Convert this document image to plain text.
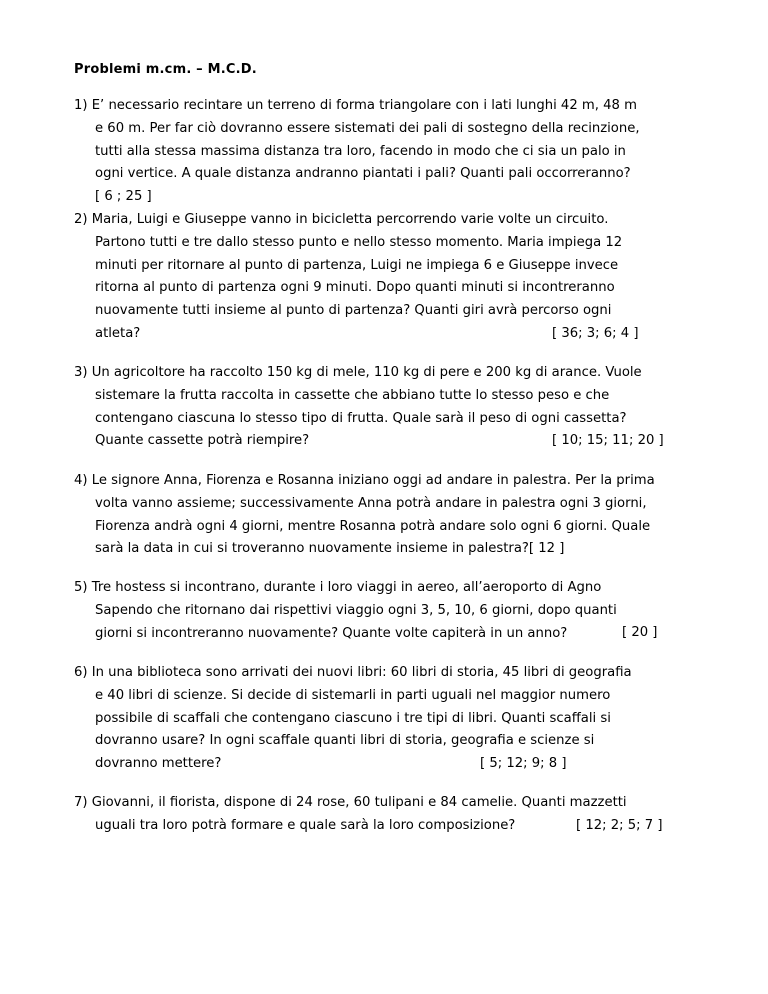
Problemi m.cm. – M.C.D.
1) E’ necessario recintare un terreno di forma triangolare con i lati lunghi 42 m, 48 m
e 60 m. Per far ciò dovranno essere sistemati dei pali di sostegno della recinzione,
tutti alla stessa massima distanza tra loro, facendo in modo che ci sia un palo in
ogni vertice. A quale distanza andranno piantati i pali? Quanti pali occorreranno?
[ 6 ; 25 ]
2) Maria, Luigi e Giuseppe vanno in bicicletta percorrendo varie volte un circuito.
Partono tutti e tre dallo stesso punto e nello stesso momento. Maria impiega 12
minuti per ritornare al punto di partenza, Luigi ne impiega 6 e Giuseppe invece
ritorna al punto di partenza ogni 9 minuti. Dopo quanti minuti si incontreranno
nuovamente tutti insieme al punto di partenza? Quanti giri avrà percorso ogni
atleta?	[ 36; 3; 6; 4 ]
3) Un agricoltore ha raccolto 150 kg di mele, 110 kg di pere e 200 kg di arance. Vuole
sistemare la frutta raccolta in cassette che abbiano tutte lo stesso peso e che
contengano ciascuna lo stesso tipo di frutta. Quale sarà il peso di ogni cassetta?
Quante cassette potrà riempire?	[ 10; 15; 11; 20 ]
4) Le signore Anna, Fiorenza e Rosanna iniziano oggi ad andare in palestra. Per la prima
volta vanno assieme; successivamente Anna potrà andare in palestra ogni 3 giorni,
Fiorenza andrà ogni 4 giorni, mentre Rosanna potrà andare solo ogni 6 giorni. Quale
sarà la data in cui si troveranno nuovamente insieme in palestra?[ 12 ]
5) Tre hostess si incontrano, durante i loro viaggi in aereo, all’aeroporto di Agno
Sapendo che ritornano dai rispettivi viaggio ogni 3, 5, 10, 6 giorni, dopo quanti
giorni si incontreranno nuovamente? Quante volte capiterà in un anno?	[ 20 ]
6) In una biblioteca sono arrivati dei nuovi libri: 60 libri di storia, 45 libri di geografia
e 40 libri di scienze. Si decide di sistemarli in parti uguali nel maggior numero
possibile di scaffali che contengano ciascuno i tre tipi di libri. Quanti scaffali si
dovranno usare? In ogni scaffale quanti libri di storia, geografia e scienze si
dovranno mettere?	[ 5; 12; 9; 8 ]
7) Giovanni, il fiorista, dispone di 24 rose, 60 tulipani e 84 camelie. Quanti mazzetti
uguali tra loro potrà formare e quale sarà la loro composizione?	[ 12; 2; 5; 7 ]
